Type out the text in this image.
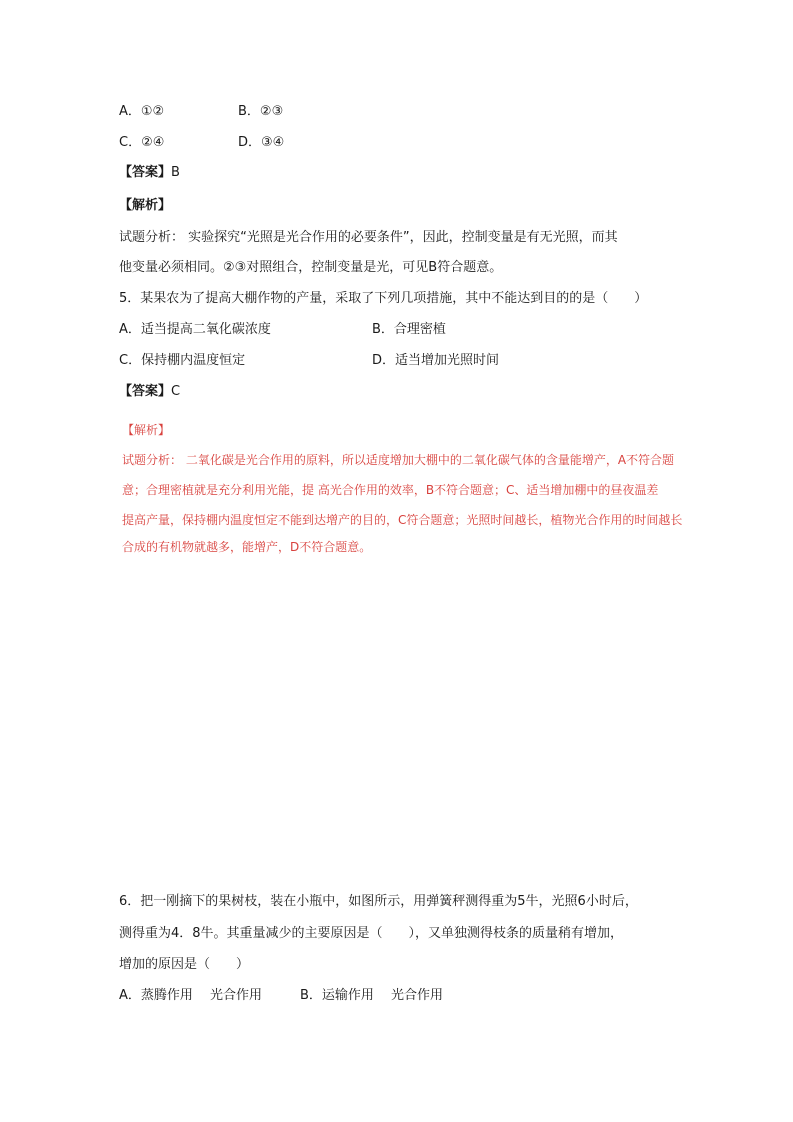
A．①②	B．②③
C．②④	D．③④
【答案】B
【解析】
试题分析： 实验探究“光照是光合作用的必要条件”，因此，控制变量是有无光照，而其
他变量必须相同。②③对照组合，控制变量是光，可见B符合题意。
5．某果农为了提高大棚作物的产量，采取了下列几项措施，其中不能达到目的的是（　　）
A．适当提高二氧化碳浓度	B．合理密植
C．保持棚内温度恒定	D．适当增加光照时间
【答案】C
【解析】
试题分析： 二氧化碳是光合作用的原料，所以适度增加大棚中的二氧化碳气体的含量能增产，A不符合题
意；合理密植就是充分利用光能，提 高光合作用的效率，B不符合题意；C、适当增加棚中的昼夜温差
提高产量，保持棚内温度恒定不能到达增产的目的，C符合题意；光照时间越长，植物光合作用的时间越长
合成的有机物就越多，能增产，D不符合题意。
6．把一刚摘下的果树枝，装在小瓶中，如图所示，用弹簧秤测得重为5牛，光照6小时后，
测得重为4．8牛。其重量减少的主要原因是（　　），又单独测得枝条的质量稍有增加，
增加的原因是（　　）
A．蒸腾作用　 光合作用	B．运输作用　 光合作用
